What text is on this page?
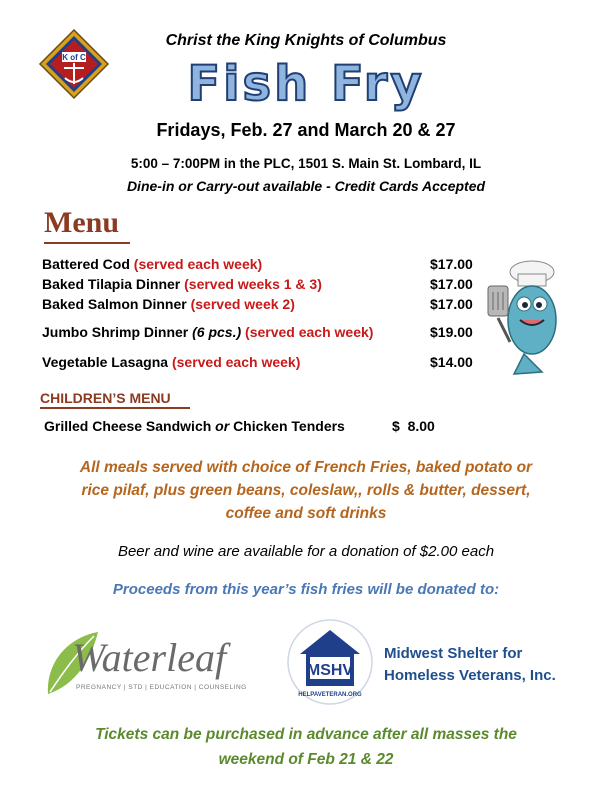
K of C
Christ the King Knights of Columbus
Fish Fry
Fridays, Feb. 27 and March 20 & 27
5:00 – 7:00PM in the PLC, 1501 S. Main St. Lombard, IL
Dine-in or Carry-out available - Credit Cards Accepted
Menu
Battered Cod (served each week)	$17.00
Baked Tilapia Dinner (served weeks 1 & 3)	$17.00
Baked Salmon Dinner (served week 2)	$17.00
Jumbo Shrimp Dinner (6 pcs.) (served each week)	$19.00
Vegetable Lasagna (served each week)	$14.00
CHILDREN’S MENU
Grilled Cheese Sandwich or Chicken Tenders	$  8.00
All meals served with choice of French Fries, baked potato or rice pilaf, plus green beans, coleslaw,, rolls & butter, dessert, coffee and soft drinks
Beer and wine are available for a donation of $2.00 each
Proceeds from this year’s fish fries will be donated to:
Waterleaf
PREGNANCY | STD | EDUCATION | COUNSELING
MSHV
HELPAVETERAN.ORG
Midwest Shelter for
Homeless Veterans, Inc.
Tickets can be purchased in advance after all masses the weekend of Feb 21 & 22
